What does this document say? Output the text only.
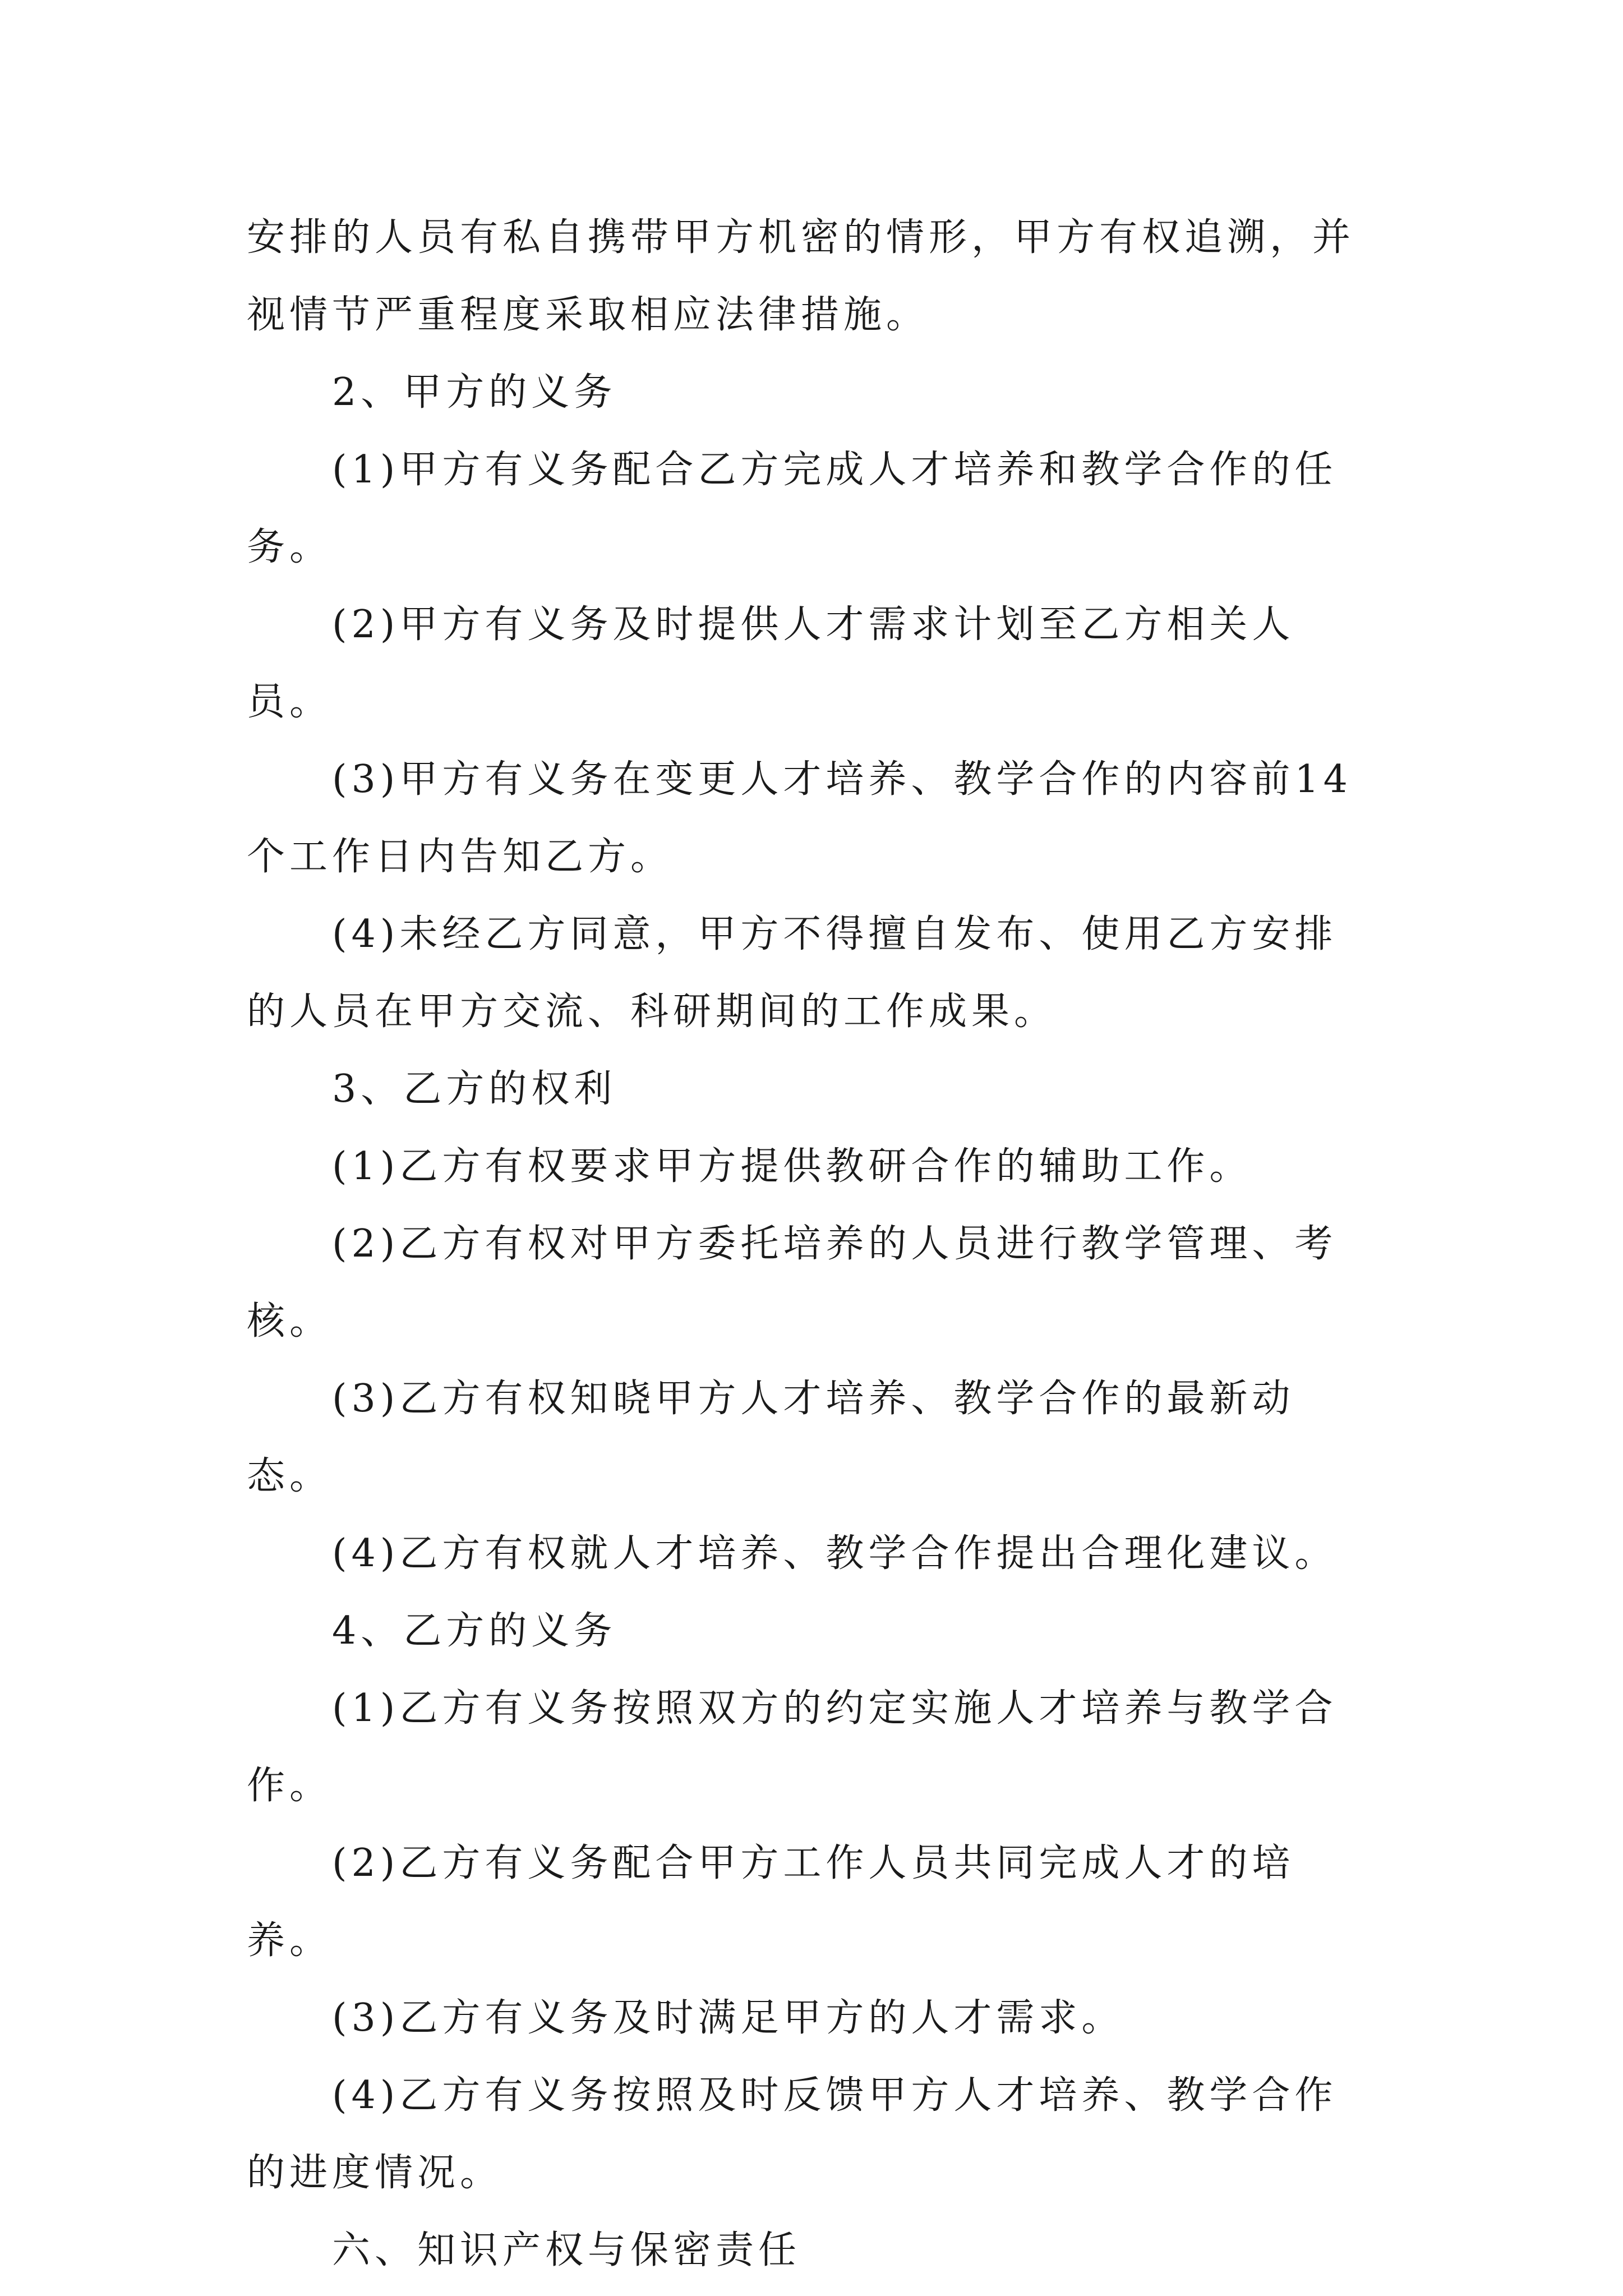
安排的人员有私自携带甲方机密的情形，甲方有权追溯，并视情节严重程度采取相应法律措施。

2、甲方的义务

(1)甲方有义务配合乙方完成人才培养和教学合作的任务。

(2)甲方有义务及时提供人才需求计划至乙方相关人员。

(3)甲方有义务在变更人才培养、教学合作的内容前14个工作日内告知乙方。

(4)未经乙方同意，甲方不得擅自发布、使用乙方安排的人员在甲方交流、科研期间的工作成果。

3、乙方的权利

(1)乙方有权要求甲方提供教研合作的辅助工作。

(2)乙方有权对甲方委托培养的人员进行教学管理、考核。

(3)乙方有权知晓甲方人才培养、教学合作的最新动态。

(4)乙方有权就人才培养、教学合作提出合理化建议。

4、乙方的义务

(1)乙方有义务按照双方的约定实施人才培养与教学合作。

(2)乙方有义务配合甲方工作人员共同完成人才的培养。

(3)乙方有义务及时满足甲方的人才需求。

(4)乙方有义务按照及时反馈甲方人才培养、教学合作的进度情况。

六、知识产权与保密责任
